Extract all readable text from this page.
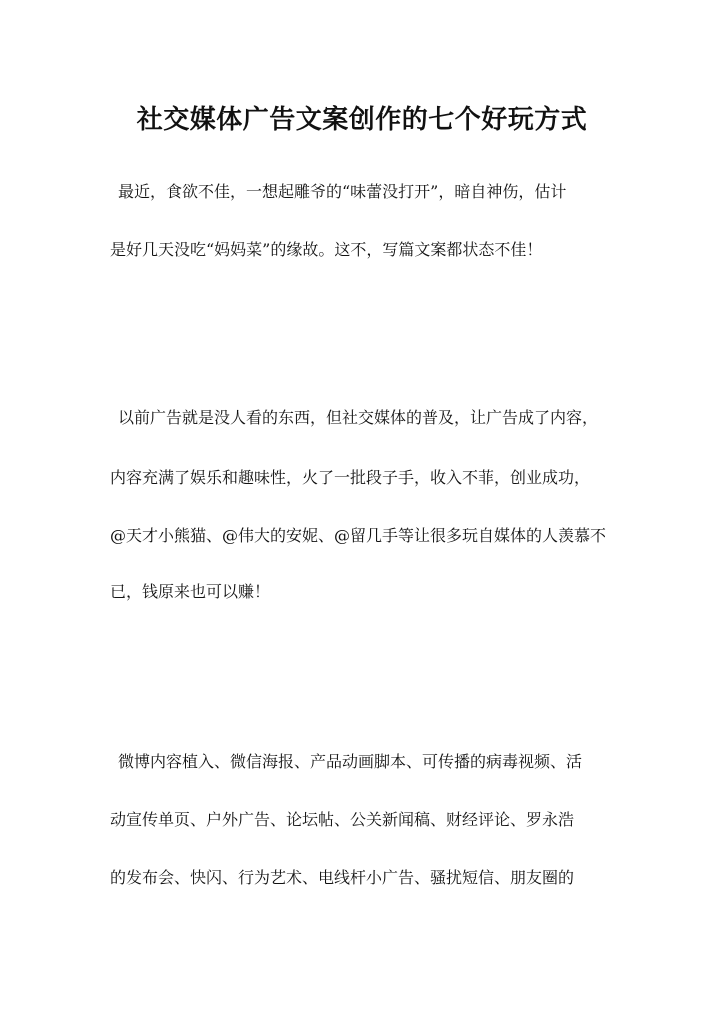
社交媒体广告文案创作的七个好玩方式
最近，食欲不佳，一想起雕爷的“味蕾没打开”，暗自神伤，估计
是好几天没吃“妈妈菜”的缘故。这不，写篇文案都状态不佳！
以前广告就是没人看的东西，但社交媒体的普及，让广告成了内容，
内容充满了娱乐和趣味性，火了一批段子手，收入不菲，创业成功，
@天才小熊猫、@伟大的安妮、@留几手等让很多玩自媒体的人羡慕不
已，钱原来也可以赚！
微博内容植入、微信海报、产品动画脚本、可传播的病毒视频、活
动宣传单页、户外广告、论坛帖、公关新闻稿、财经评论、罗永浩
的发布会、快闪、行为艺术、电线杆小广告、骚扰短信、朋友圈的
